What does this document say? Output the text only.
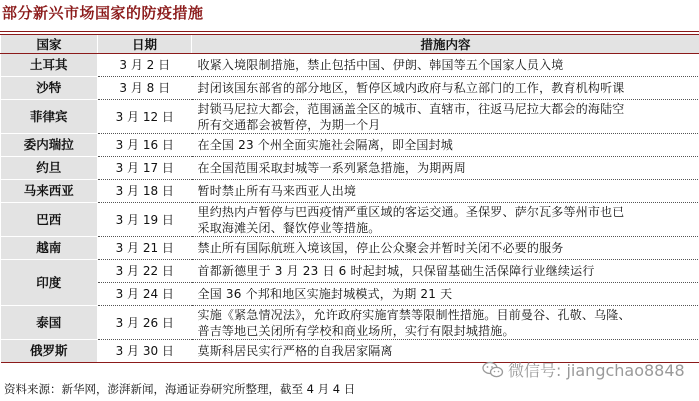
部分新兴市场国家的防疫措施
国家	日期	措施内容
土耳其	3 月 2 日	收紧入境限制措施，禁止包括中国、伊朗、韩国等五个国家人员入境

沙特	3 月 8 日	封闭该国东部省的部分地区，暂停区域内政府与私立部门的工作，教育机构听课

菲律宾	3 月 12 日	封锁马尼拉大都会，范围涵盖全区的城市、直辖市，往返马尼拉大都会的海陆空
所有交通都会被暂停，为期一个月

委内瑞拉	3 月 16 日	在全国 23 个州全面实施社会隔离，即全国封城

约旦	3 月 17 日	在全国范围采取封城等一系列紧急措施，为期两周

马来西亚	3 月 18 日	暂时禁止所有马来西亚人出境

巴西	3 月 19 日	里约热内卢暂停与巴西疫情严重区域的客运交通。圣保罗、萨尔瓦多等州市也已
采取海滩关闭、餐饮停业等措施。

越南	3 月 21 日	禁止所有国际航班入境该国，停止公众聚会并暂时关闭不必要的服务

印度	3 月 22 日	首都新德里于 3 月 23 日 6 时起封城，只保留基础生活保障行业继续运行

	3 月 24 日	全国 36 个邦和地区实施封城模式，为期 21 天

泰国	3 月 26 日	实施《紧急情况法》，允许政府实施宵禁等限制性措施。目前曼谷、孔敬、乌隆、
普吉等地已关闭所有学校和商业场所，实行有限封城措施。

俄罗斯	3 月 30 日	莫斯科居民实行严格的自我居家隔离
微信号: jiangchao8848
资料来源：新华网，澎湃新闻，海通证券研究所整理，截至 4 月 4 日
